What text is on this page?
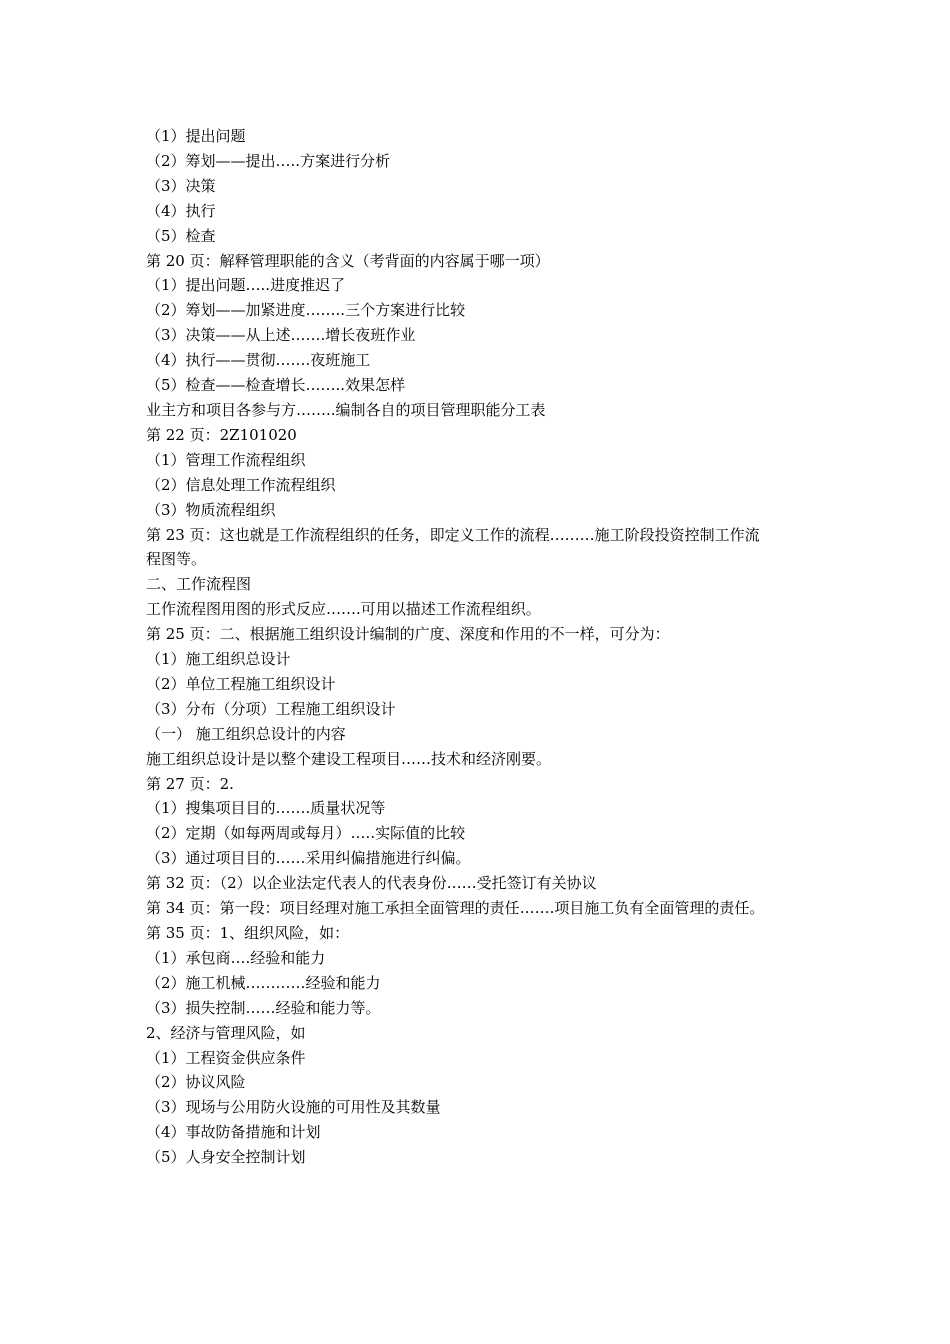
（1）提出问题

（2）筹划——提出…..方案进行分析

（3）决策

（4）执行

（5）检查

第 20 页：解释管理职能的含义（考背面的内容属于哪一项）

（1）提出问题…..进度推迟了

（2）筹划——加紧进度……..三个方案进行比较

（3）决策——从上述…….增长夜班作业

（4）执行——贯彻…….夜班施工

（5）检查——检查增长……..效果怎样

业主方和项目各参与方……..编制各自的项目管理职能分工表

第 22 页：2Z101020

（1）管理工作流程组织

（2）信息处理工作流程组织

（3）物质流程组织

第 23 页：这也就是工作流程组织的任务，即定义工作的流程………施工阶段投资控制工作流

程图等。

二、工作流程图

工作流程图用图的形式反应…….可用以描述工作流程组织。

第 25 页：二、根据施工组织设计编制的广度、深度和作用的不一样，可分为：

（1）施工组织总设计

（2）单位工程施工组织设计

（3）分布（分项）工程施工组织设计

（一） 施工组织总设计的内容

施工组织总设计是以整个建设工程项目……技术和经济刚要。

第 27 页：2.

（1）搜集项目目的…….质量状况等

（2）定期（如每两周或每月）…..实际值的比较

（3）通过项目目的……采用纠偏措施进行纠偏。

第 32 页：（2）以企业法定代表人的代表身份……受托签订有关协议

第 34 页：第一段：项目经理对施工承担全面管理的责任…….项目施工负有全面管理的责任。

第 35 页：1、组织风险，如：

（1）承包商….经验和能力

（2）施工机械…………经验和能力

（3）损失控制……经验和能力等。

2、经济与管理风险，如

（1）工程资金供应条件

（2）协议风险

（3）现场与公用防火设施的可用性及其数量

（4）事故防备措施和计划

（5）人身安全控制计划
